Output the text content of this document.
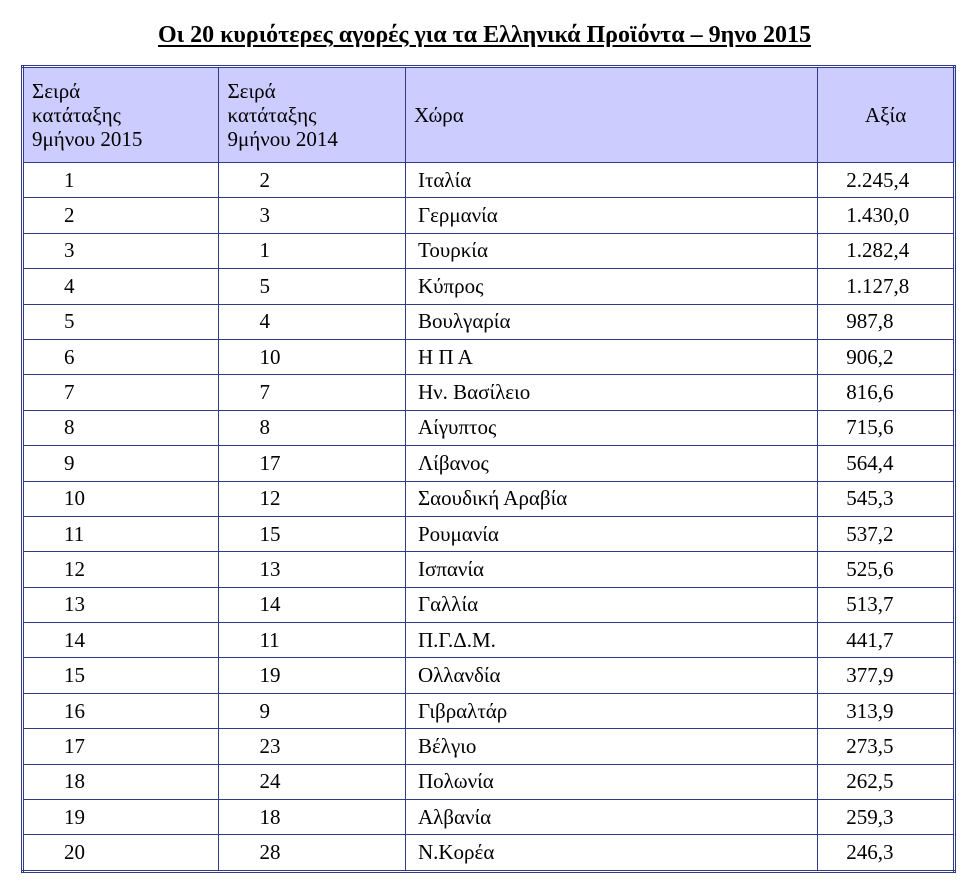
Οι 20 κυριότερες αγορές για τα Ελληνικά Προϊόντα – 9ηνο 2015
Σειρά
κατάταξης
9μήνου 2015	Σειρά
κατάταξης
9μήνου 2014	Χώρα	Αξία
1	2	Ιταλία	2.245,4
2	3	Γερμανία	1.430,0
3	1	Τουρκία	1.282,4
4	5	Κύπρος	1.127,8
5	4	Βουλγαρία	987,8
6	10	Η Π Α	906,2
7	7	Ην. Βασίλειο	816,6
8	8	Αίγυπτος	715,6
9	17	Λίβανος	564,4
10	12	Σαουδική Αραβία	545,3
11	15	Ρουμανία	537,2
12	13	Ισπανία	525,6
13	14	Γαλλία	513,7
14	11	Π.Γ.Δ.Μ.	441,7
15	19	Ολλανδία	377,9
16	9	Γιβραλτάρ	313,9
17	23	Βέλγιο	273,5
18	24	Πολωνία	262,5
19	18	Αλβανία	259,3
20	28	Ν.Κορέα	246,3
